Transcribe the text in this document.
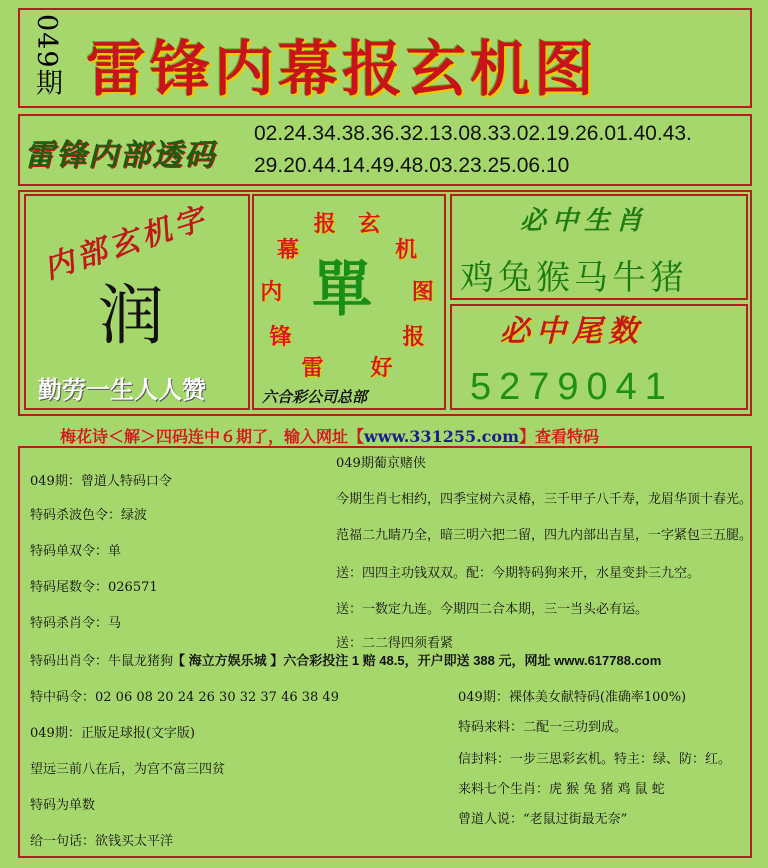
049期 雷锋内幕报玄机图
雷锋内部透码
02.24.34.38.36.32.13.08.33.02.19.26.01.40.43.
29.20.44.14.49.48.03.23.25.06.10
内部玄机字
润
勤劳一生人人赞
雷
锋
内
幕
报 玄
机
图
报
好
單
六合彩公司总部
必中生肖
鸡兔猴马牛猪
必中尾数
5279041
梅花诗＜解＞四码连中６期了，输入网址【www.331255.com】查看特码
049期：曾道人特码口令
特码杀波色令：绿波
特码单双令：单
特码尾数令：026571
特码杀肖令：马
特码出肖令：牛鼠龙猪狗
049期葡京赌侠
今期生肖七相约，四季宝树六灵椿，三千甲子八千寿，龙眉华顶十春光。
范福二九睛乃全，暗三明六把二留，四九内部出吉星，一字紧包三五腿。
送：四四主功钱双双。配：今期特码狗来开，水星变卦三九空。
送：一数定九连。今期四二合本期，三一当头必有运。
送：二二得四须看紧
【 海立方娱乐城 】六合彩投注 1 赔 48.5，开户即送 388 元，网址 www.617788.com
特中码令：02 06 08 20 24 26 30 32 37 46 38 49
049期：正版足球报(文字版)
望远三前八在后，为宫不富三四贫
特码为单数
给一句话：欲钱买太平洋
049期：裸体美女献特码(准确率100%)
特码来料：二配一三功到成。
信封料：一步三思彩玄机。特主：绿、防：红。
来料七个生肖：虎 猴 兔 猪 鸡 鼠 蛇
曾道人说：“老鼠过街最无奈”
